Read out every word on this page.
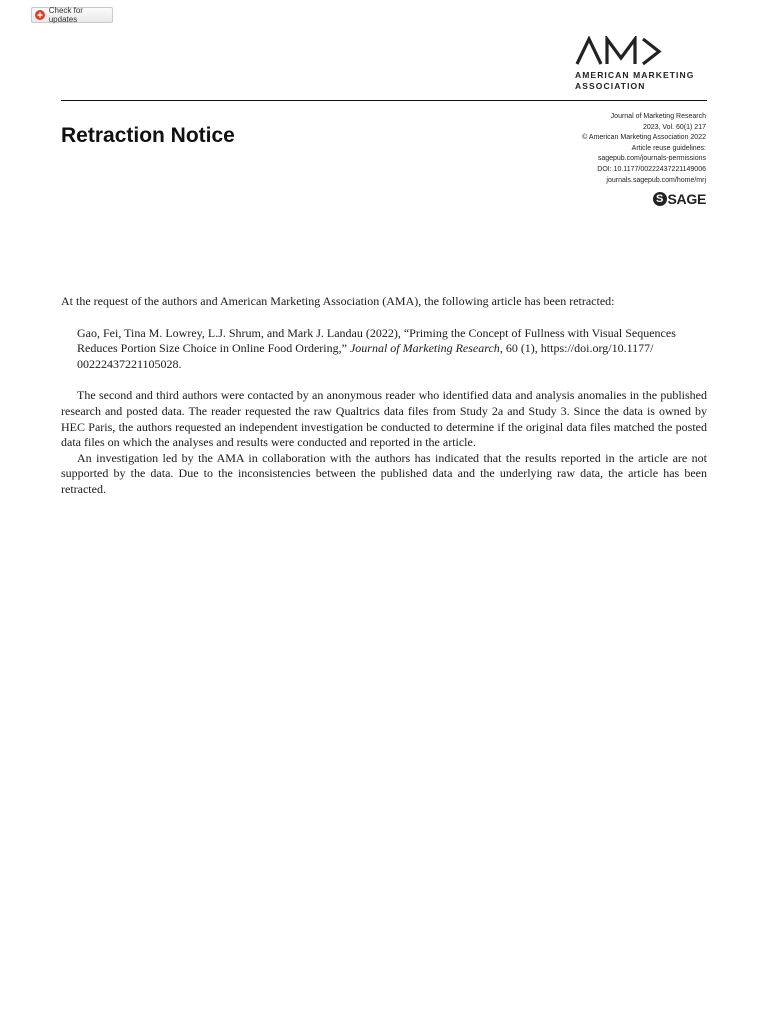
Check for updates
AMERICAN MARKETING
ASSOCIATION
Retraction Notice
Journal of Marketing Research
2023, Vol. 60(1) 217
© American Marketing Association 2022
Article reuse guidelines:
sagepub.com/journals-permissions
DOI: 10.1177/00222437221149006
journals.sagepub.com/home/mrj
S SAGE

At the request of the authors and American Marketing Association (AMA), the following article has been retracted:

Gao, Fei, Tina M. Lowrey, L.J. Shrum, and Mark J. Landau (2022), “Priming the Concept of Fullness with Visual Sequences Reduces Portion Size Choice in Online Food Ordering,” Journal of Marketing Research, 60 (1), https://doi.org/10.1177/ 00222437221105028.

The second and third authors were contacted by an anonymous reader who identified data and analysis anomalies in the published research and posted data. The reader requested the raw Qualtrics data files from Study 2a and Study 3. Since the data is owned by HEC Paris, the authors requested an independent investigation be conducted to determine if the original data files matched the posted data files on which the analyses and results were conducted and reported in the article.

An investigation led by the AMA in collaboration with the authors has indicated that the results reported in the article are not supported by the data. Due to the inconsistencies between the published data and the underlying raw data, the article has been retracted.
